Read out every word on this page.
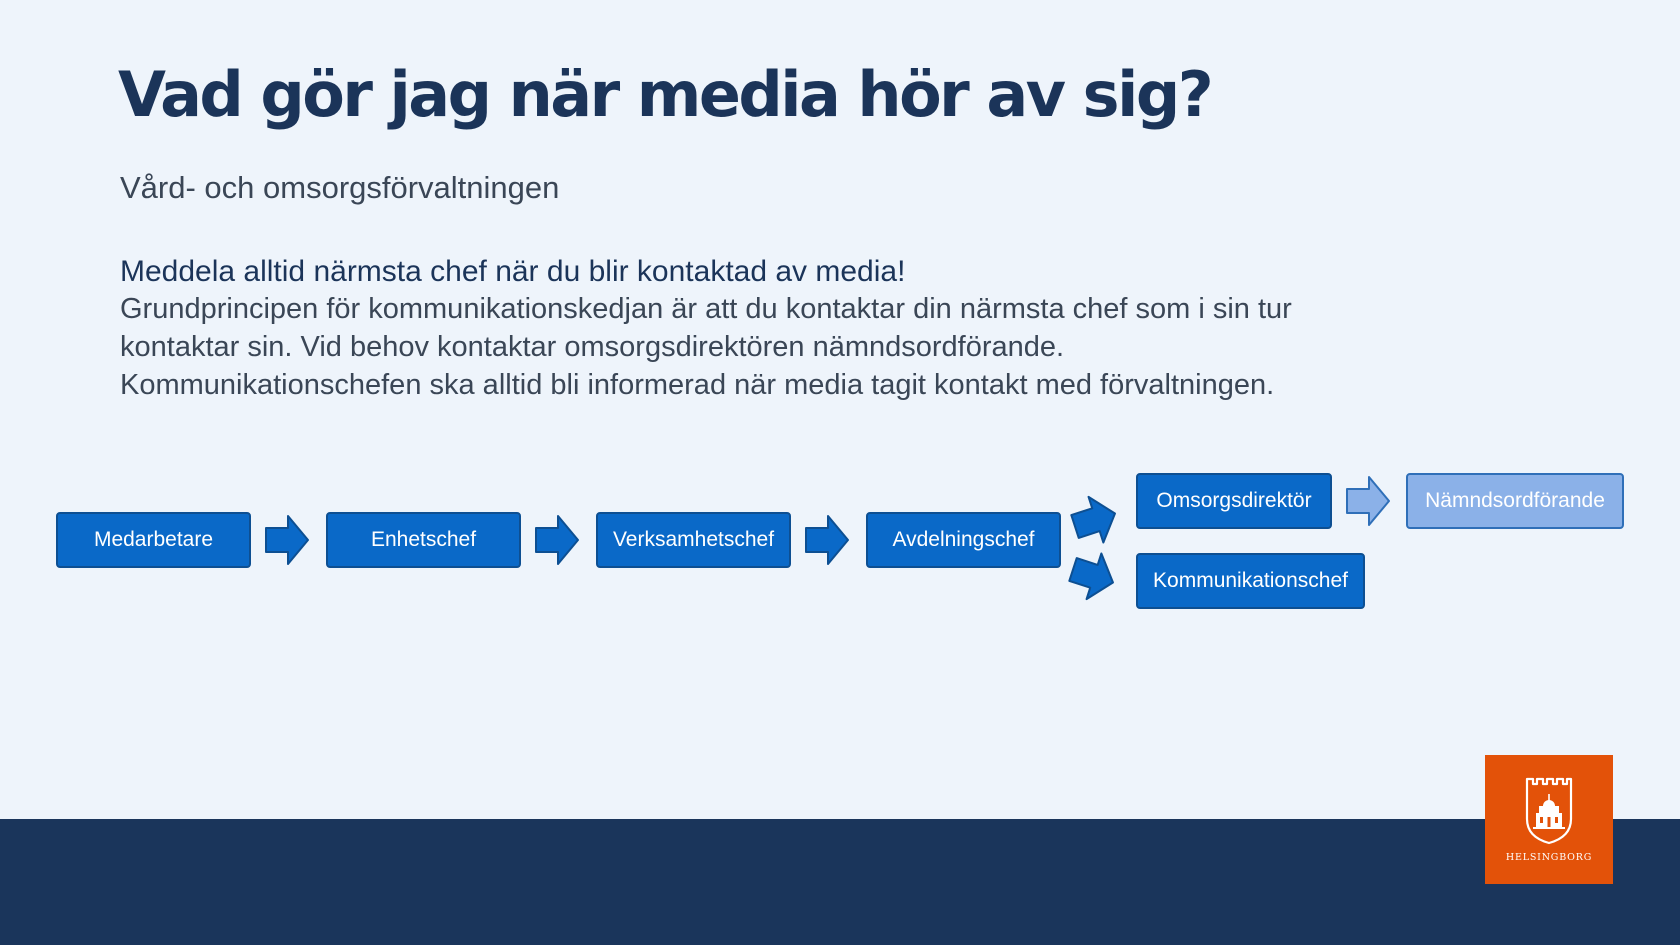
Vad gör jag när media hör av sig?
Vård- och omsorgsförvaltningen
Meddela alltid närmsta chef när du blir kontaktad av media!
Grundprincipen för kommunikationskedjan är att du kontaktar din närmsta chef som i sin tur
kontaktar sin. Vid behov kontaktar omsorgsdirektören nämndsordförande.
Kommunikationschefen ska alltid bli informerad när media tagit kontakt med förvaltningen.
Medarbetare	Enhetschef	Verksamhetschef	Avdelningschef
Omsorgsdirektör
Kommunikationschef
Nämndsordförande
HELSINGBORG
